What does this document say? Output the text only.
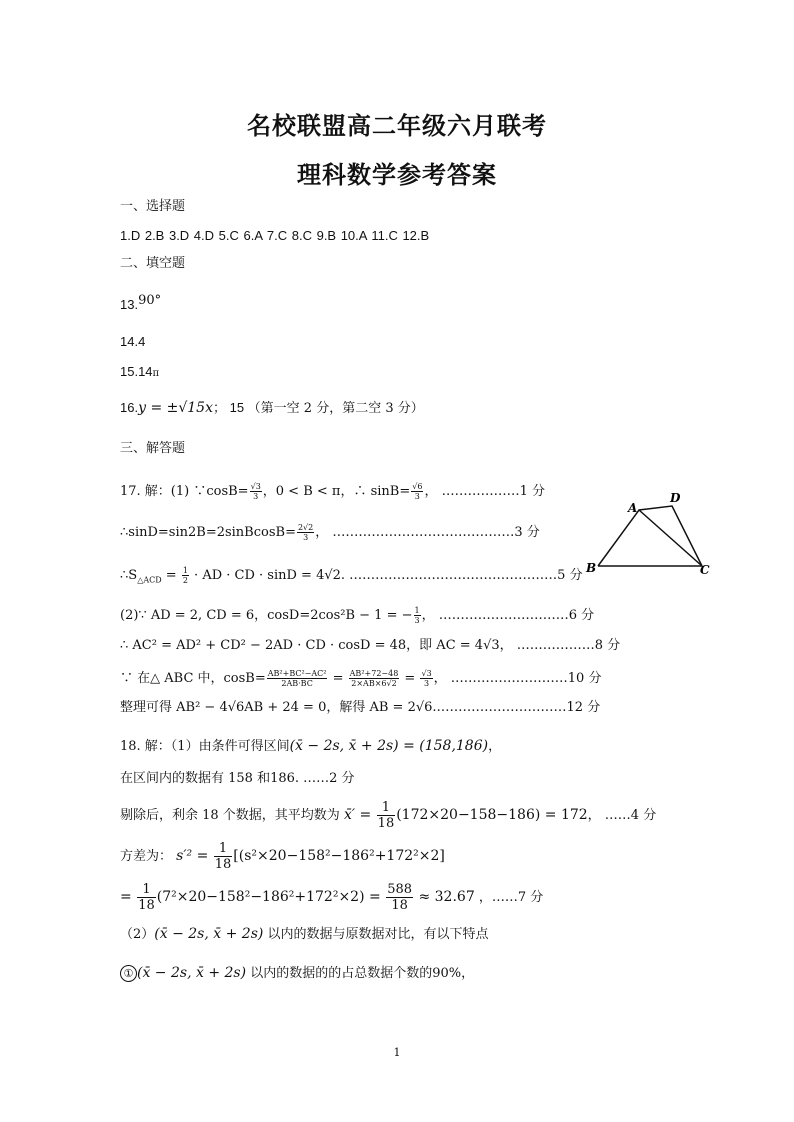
名校联盟高二年级六月联考
理科数学参考答案
一、选择题
1.D 2.B 3.D 4.D 5.C 6.A 7.C 8.C 9.B 10.A 11.C 12.B
二、填空题
13.90°
14.4
15.14π
16.y = ±√15x； 15 （第一空 2 分，第二空 3 分）
三、解答题
17. 解：(1) ∵cosB= $\frac{√3}{3}$ ，0 < B < π，∴ $\sin B= \frac{√6}{3}$ ， ………………1 分
∴sinD=sin2B=2sinBcosB= $\frac{2√2}{3}$ ， ……………………………………3 分
$\therefore S_{\triangle ACD} = \frac{1}{2}$ · AD · CD · sinD = 4√2. …………………………………………5 分
A
D
B	C
(2)∵ AD = 2, CD = 6，cosD=2cos²B − 1 = − $\frac{1}{3}$ ， …………………………6 分
∴ AC² = AD² + CD² − 2AD · CD · cosD = 48，即 AC = 4√3， ………………8 分
∵ 在△ ABC 中，$\cos B= \frac{\text{AB²+BC²−AC²}}{2AB\cdot BC} = \frac{\text{AB²+72−48}}{2\times AB\times 6√2} = \frac{√3}{3}$ ， ………………………10 分
整理可得 AB² − 4√6AB + 24 = 0，解得 AB = 2√6.…………………………12 分
18. 解：（1）由条件可得区间(x̄ − 2s, x̄ + 2s) = (158,186)，
在区间内的数据有 158 和186. ……2 分
剔除后，利余 18 个数据，其平均数为 x̄′ = $\frac{1}{18} (172\times 20-158-186) = 172$， ……4 分
方差为： $s'^2 = \frac{1}{18} [(s^2\times 20-158^2-186^2+172^2\times 2]$
= $\frac{1}{18} (7^2\times 20-158^2-186^2+172^2\times 2) = \frac{588}{18} \approx 32.67$ ，……7 分
（2）(x̄ − 2s, x̄ + 2s) 以内的数据与原数据对比，有以下特点
① (x̄ − 2s, x̄ + 2s) 以内的数据的的占总数据个数的90%，
1
